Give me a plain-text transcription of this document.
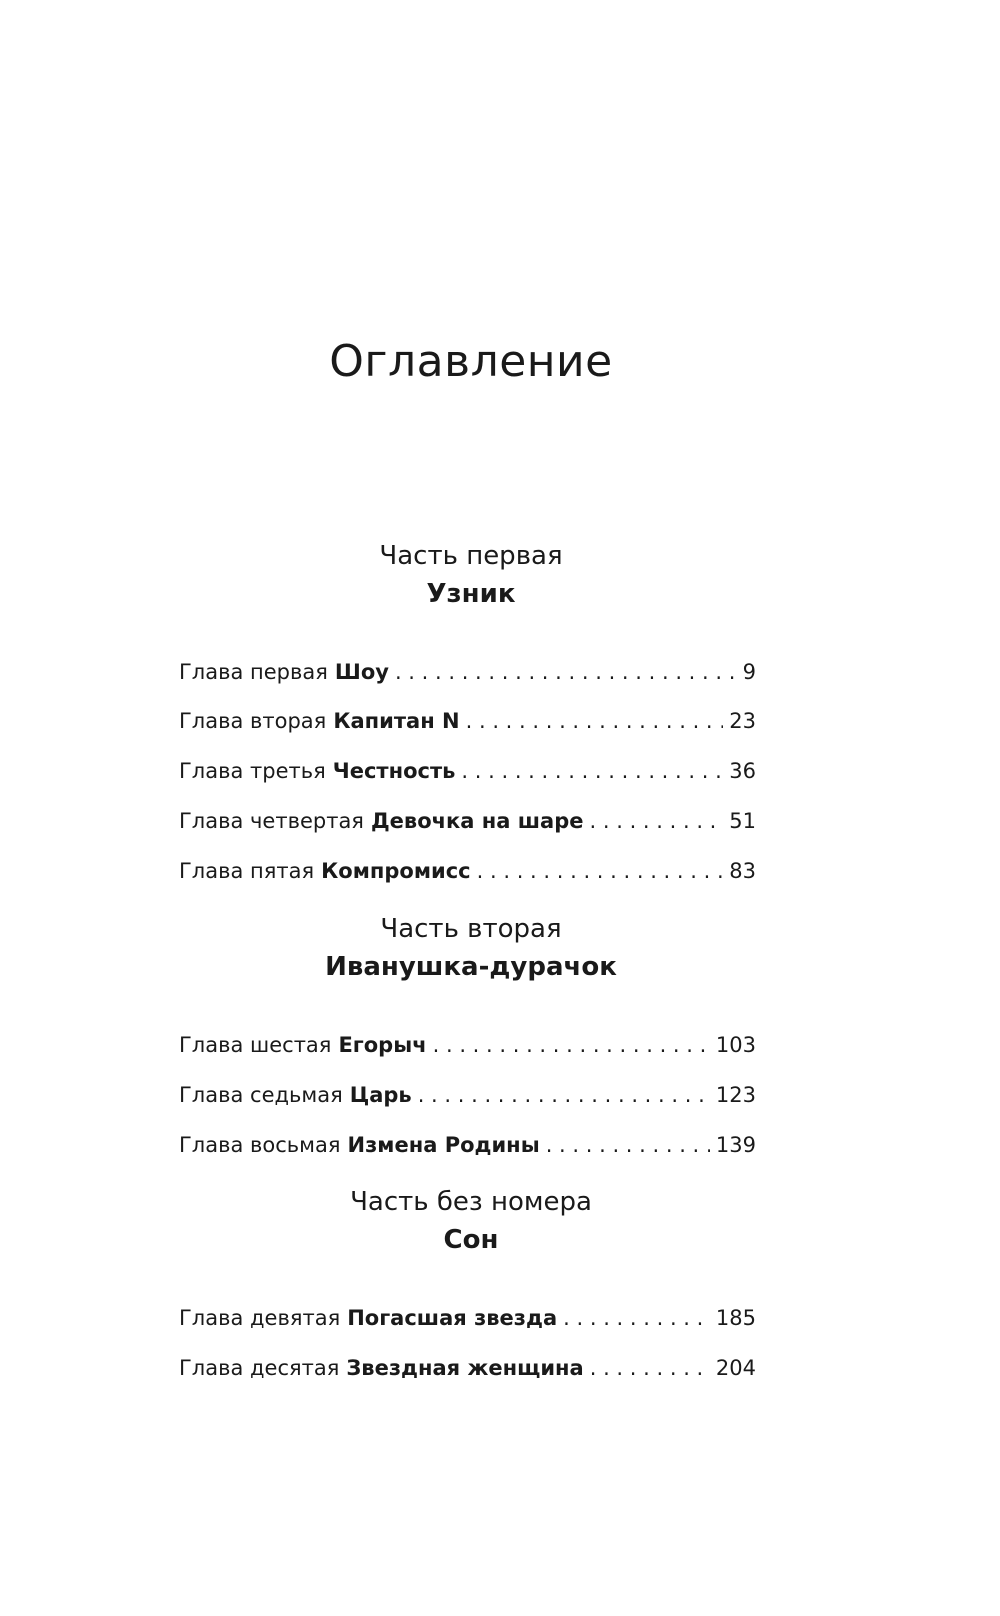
Оглавление
Часть первая
Узник
Глава первая Шоу . . .	9
Глава вторая Капитан N . . .	23
Глава третья Честность . . .	36
Глава четвертая Девочка на шаре . . .	51
Глава пятая Компромисс . . .	83
Часть вторая
Иванушка-дурачок
Глава шестая Егорыч . . .	103
Глава седьмая Царь . . .	123
Глава восьмая Измена Родины . . .	139
Часть без номера
Сон
Глава девятая Погасшая звезда . . .	185
Глава десятая Звездная женщина . . .	204
